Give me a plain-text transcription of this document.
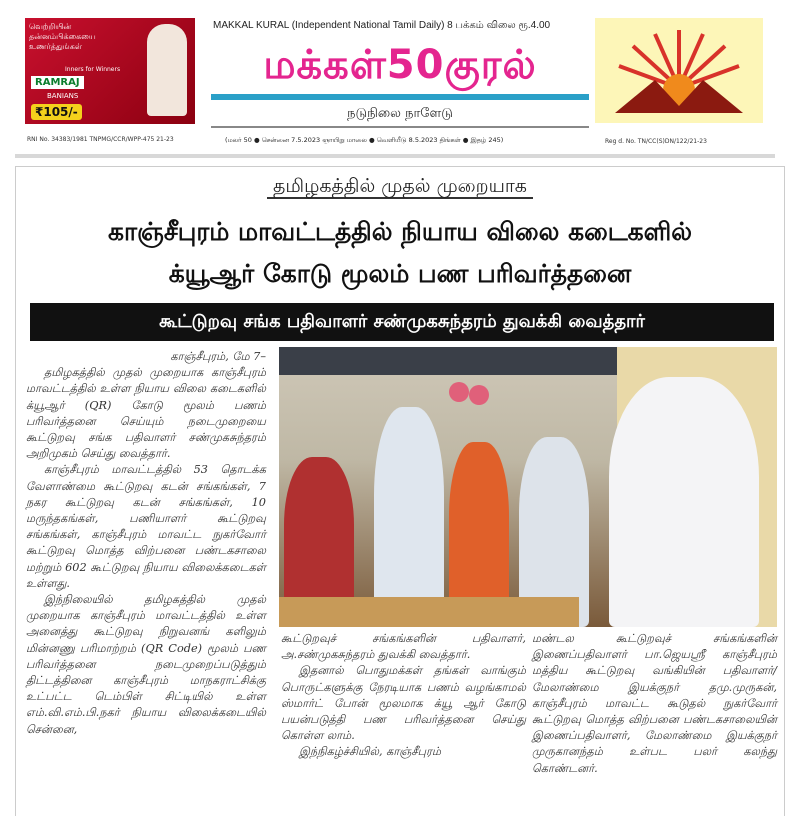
வெற்றியின் தன்னம்பிக்கையை உணர்த்துங்கள்
RAMRAJ
BANIANS
₹105/-
Inners for Winners
RNI No. 34383/1981 TNPMG/CCR/WPP-475 21-23
MAKKAL KURAL (Independent National Tamil Daily) 8 பக்கம் விலை ரூ.4.00
மக்கள்50குரல்
நடுநிலை நாளேடு
(மலர் 50 ● சென்னை 7.5.2023 ஞாயிறு மாலை ● வெளியீடு 8.5.2023 திங்கள் ● இதழ் 245)	Reg d. No. TN/CC(S)DN/122/21-23
தமிழகத்தில் முதல் முறையாக
காஞ்சீபுரம் மாவட்டத்தில் நியாய விலை கடைகளில்
க்யூஆர் கோடு மூலம் பண பரிவர்த்தனை
கூட்டுறவு சங்க பதிவாளர் சண்முகசுந்தரம் துவக்கி வைத்தார்
காஞ்சீபுரம், மே 7–

தமிழகத்தில் முதல் முறையாக காஞ்சீபுரம் மாவட்டத்தில் உள்ள நியாய விலை கடைகளில் க்யூஆர் (QR) கோடு மூலம் பணம் பரிவர்த்தனை செய்யும் நடைமுறையை கூட்டுறவு சங்க பதிவாளர் சண்முகசுந்தரம் அறிமுகம் செய்து வைத்தார்.

காஞ்சீபுரம் மாவட்டத்தில் 53 தொடக்க வேளாண்மை கூட்டுறவு கடன் சங்கங்கள், 7 நகர கூட்டுறவு கடன் சங்கங்கள், 10 மருந்தகங்கள், பணியாளர் கூட்டுறவு சங்கங்கள், காஞ்சீபுரம் மாவட்ட நுகர்வோர் கூட்டுறவு மொத்த விற்பனை பண்டகசாலை மற்றும் 602 கூட்டுறவு நியாய விலைக்கடைகள் உள்ளது.

இந்நிலையில் தமிழகத்தில் முதல் முறையாக காஞ்சீபுரம் மாவட்டத்தில் உள்ள அனைத்து கூட்டுறவு நிறுவனங் களிலும் மின்னணு பரிமாற்றம் (QR Code) மூலம் பண பரிவர்த்தனை நடைமுறைப்படுத்தும் திட்டத்தினை காஞ்சீபுரம் மாநகராட்சிக்கு உட்பட்ட டெம்பிள் சிட்டியில் உள்ள எம்.வி.எம்.பி.நகர் நியாய விலைக்கடையில் சென்னை,

கூட்டுறவுச் சங்கங்களின் பதிவாளர், அ.சண்முகசுந்தரம் துவக்கி வைத்தார்.

இதனால் பொதுமக்கள் தங்கள் வாங்கும் பொருட்களுக்கு நேரடியாக பணம் வழங்காமல் ஸ்மார்ட் போன் மூலமாக க்யூ ஆர் கோடு பயன்படுத்தி பண பரிவர்த்தனை செய்து கொள்ள லாம்.

இந்நிகழ்ச்சியில், காஞ்சீபுரம்

மண்டல கூட்டுறவுச் சங்கங்களின் இணைப்பதிவாளர் பா.ஜெயஸ்ரீ காஞ்சீபுரம் மத்திய கூட்டுறவு வங்கியின் பதிவாளர்/மேலாண்மை இயக்குநர் தமு.முருகன், காஞ்சீபுரம் மாவட்ட கூடுதல் நுகர்வோர் கூட்டுறவு மொத்த விற்பனை பண்டகசாலையின் இணைப்பதிவாளர், மேலாண்மை இயக்குநர் முருகானந்தம் உள்பட பலர் கலந்து கொண்டனர்.
